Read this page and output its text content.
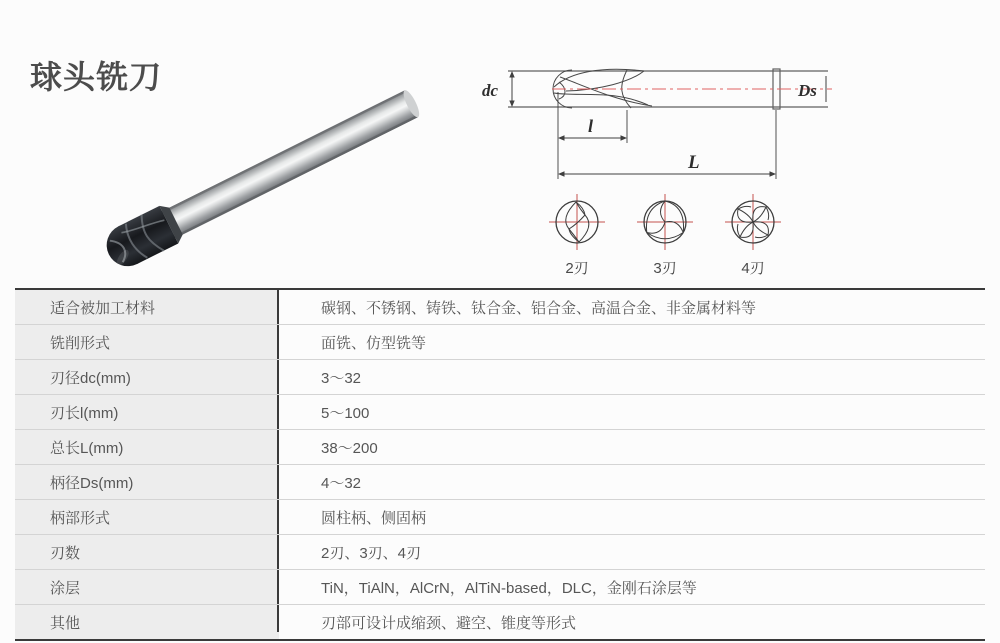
球头铣刀	dc	Ds
l
L
2刃	3刃	4刃
适合被加工材料	碳钢、不锈钢、铸铁、钛合金、铝合金、高温合金、非金属材料等
铣削形式	面铣、仿型铣等
刃径dc(mm)	3～32
刃长l(mm)	5～100
总长L(mm)	38～200
柄径Ds(mm)	4～32
柄部形式	圆柱柄、侧固柄
刃数	2刃、3刃、4刃
涂层	TiN，TiAlN，AlCrN，AlTiN-based，DLC，金刚石涂层等
其他	刃部可设计成缩颈、避空、锥度等形式
